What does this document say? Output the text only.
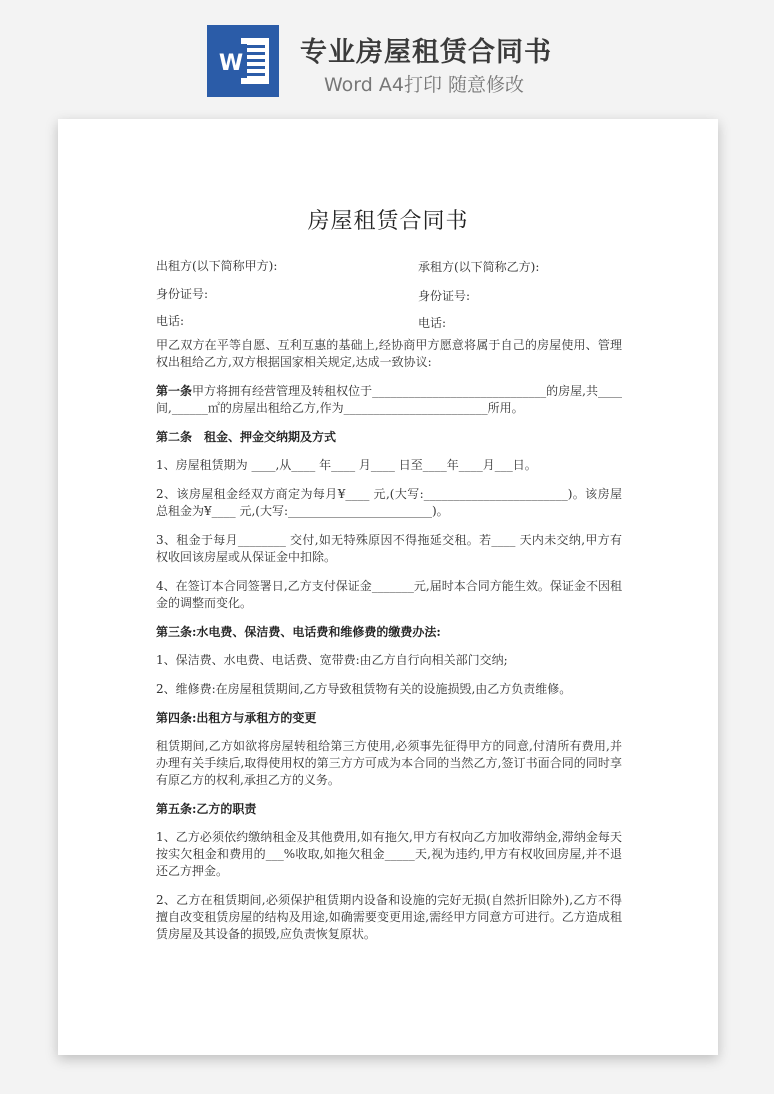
W 专业房屋租赁合同书
Word A4打印 随意修改
房屋租赁合同书
出租方(以下简称甲方):	承租方(以下简称乙方):
身份证号:	身份证号:
电话:	电话:

甲乙双方在平等自愿、互利互惠的基础上,经协商甲方愿意将属于自己的房屋使用、管理权出租给乙方,双方根据国家相关规定,达成一致协议:

第一条甲方将拥有经营管理及转租权位于_____________________________的房屋,共____间,______㎡的房屋出租给乙方,作为________________________所用。

第二条　租金、押金交纳期及方式

1、房屋租赁期为 ____,从____ 年____ 月____ 日至____年____月___日。

2、该房屋租金经双方商定为每月¥____ 元,(大写:________________________)。该房屋总租金为¥____ 元,(大写:________________________)。

3、租金于每月________ 交付,如无特殊原因不得拖延交租。若____ 天内未交纳,甲方有权收回该房屋或从保证金中扣除。

4、在签订本合同签署日,乙方支付保证金_______元,届时本合同方能生效。保证金不因租金的调整而变化。

第三条:水电费、保洁费、电话费和维修费的缴费办法:

1、保洁费、水电费、电话费、宽带费:由乙方自行向相关部门交纳;

2、维修费:在房屋租赁期间,乙方导致租赁物有关的设施损毁,由乙方负责维修。

第四条:出租方与承租方的变更

租赁期间,乙方如欲将房屋转租给第三方使用,必须事先征得甲方的同意,付清所有费用,并办理有关手续后,取得使用权的第三方方可成为本合同的当然乙方,签订书面合同的同时享有原乙方的权利,承担乙方的义务。

第五条:乙方的职责

1、乙方必须依约缴纳租金及其他费用,如有拖欠,甲方有权向乙方加收滞纳金,滞纳金每天按实欠租金和费用的___%收取,如拖欠租金_____天,视为违约,甲方有权收回房屋,并不退还乙方押金。

2、乙方在租赁期间,必须保护租赁期内设备和设施的完好无损(自然折旧除外),乙方不得擅自改变租赁房屋的结构及用途,如确需要变更用途,需经甲方同意方可进行。乙方造成租赁房屋及其设备的损毁,应负责恢复原状。
